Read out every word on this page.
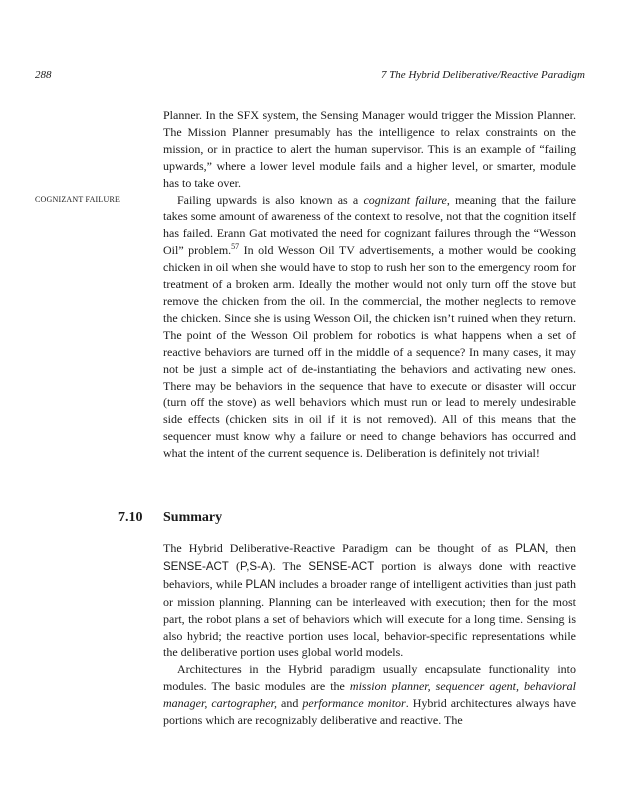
288	7 The Hybrid Deliberative/Reactive Paradigm
COGNIZANT FAILURE

Planner. In the SFX system, the Sensing Manager would trigger the Mission Planner. The Mission Planner presumably has the intelligence to relax constraints on the mission, or in practice to alert the human supervisor. This is an example of “failing upwards,” where a lower level module fails and a higher level, or smarter, module has to take over.

Failing upwards is also known as a cognizant failure, meaning that the failure takes some amount of awareness of the context to resolve, not that the cognition itself has failed. Erann Gat motivated the need for cognizant failures through the “Wesson Oil” problem.$^{57}$ In old Wesson Oil TV advertisements, a mother would be cooking chicken in oil when she would have to stop to rush her son to the emergency room for treatment of a broken arm. Ideally the mother would not only turn off the stove but remove the chicken from the oil. In the commercial, the mother neglects to remove the chicken. Since she is using Wesson Oil, the chicken isn’t ruined when they return. The point of the Wesson Oil problem for robotics is what happens when a set of reactive behaviors are turned off in the middle of a sequence? In many cases, it may not be just a simple act of de-instantiating the behaviors and activating new ones. There may be behaviors in the sequence that have to execute or disaster will occur (turn off the stove) as well behaviors which must run or lead to merely undesirable side effects (chicken sits in oil if it is not removed). All of this means that the sequencer must know why a failure or need to change behaviors has occurred and what the intent of the current sequence is. Deliberation is definitely not trivial!

7.10 Summary

The Hybrid Deliberative-Reactive Paradigm can be thought of as PLAN, then SENSE-ACT (P,S-A). The SENSE-ACT portion is always done with reactive behaviors, while PLAN includes a broader range of intelligent activities than just path or mission planning. Planning can be interleaved with execution; then for the most part, the robot plans a set of behaviors which will execute for a long time. Sensing is also hybrid; the reactive portion uses local, behavior-specific representations while the deliberative portion uses global world models.

Architectures in the Hybrid paradigm usually encapsulate functionality into modules. The basic modules are the mission planner, sequencer agent, behavioral manager, cartographer, and performance monitor. Hybrid architectures always have portions which are recognizably deliberative and reactive. The
